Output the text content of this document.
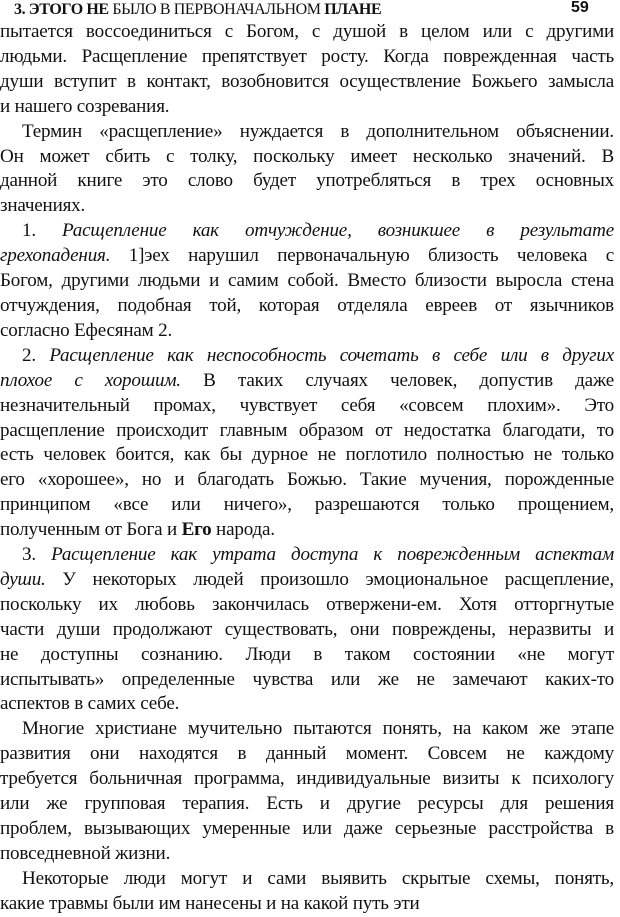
3. ЭТОГО НЕ БЫЛО В ПЕРВОНАЧАЛЬНОМ ПЛАНЕ	59
пытается воссоединиться с Богом, с душой в целом или с другими
людьми. Расщепление препятствует росту. Когда поврежденная часть
души вступит в контакт, возобновится осуществление Божьего замысла
и нашего созревания.
Термин «расщепление» нуждается в дополнительном объяснении.
Он может сбить с толку, поскольку имеет несколько значений. В
данной книге это слово будет употребляться в трех основных
значениях.
1. Расщепление как отчуждение, возникшее в результате
грехопадения. 1]эех нарушил первоначальную близость человека с
Богом, другими людьми и самим собой. Вместо близости выросла стена
отчуждения, подобная той, которая отделяла евреев от язычников
согласно Ефесянам 2.
2. Расщепление как неспособность сочетать в себе или в других
плохое с хорошим. В таких случаях человек, допустив даже
незначительный промах, чувствует себя «совсем плохим». Это
расщепление происходит главным образом от недостатка благодати, то
есть человек боится, как бы дурное не поглотило полностью не только
его «хорошее», но и благодать Божью. Такие мучения, порожденные
принципом «все или ничего», разрешаются только прощением,
полученным от Бога и Его народа.
3. Расщепление как утрата доступа к поврежденным аспектам
души. У некоторых людей произошло эмоциональное расщепление,
поскольку их любовь закончилась отвержени-ем. Хотя отторгнутые
части души продолжают существовать, они повреждены, неразвиты и
не доступны сознанию. Люди в таком состоянии «не могут
испытывать» определенные чувства или же не замечают каких-то
аспектов в самих себе.
Многие христиане мучительно пытаются понять, на каком же этапе
развития они находятся в данный момент. Совсем не каждому
требуется больничная программа, индивидуальные визиты к психологу
или же групповая терапия. Есть и другие ресурсы для решения
проблем, вызывающих умеренные или даже серьезные расстройства в
повседневной жизни.
Некоторые люди могут и сами выявить скрытые схемы, понять,
какие травмы были им нанесены и на какой путь эти
